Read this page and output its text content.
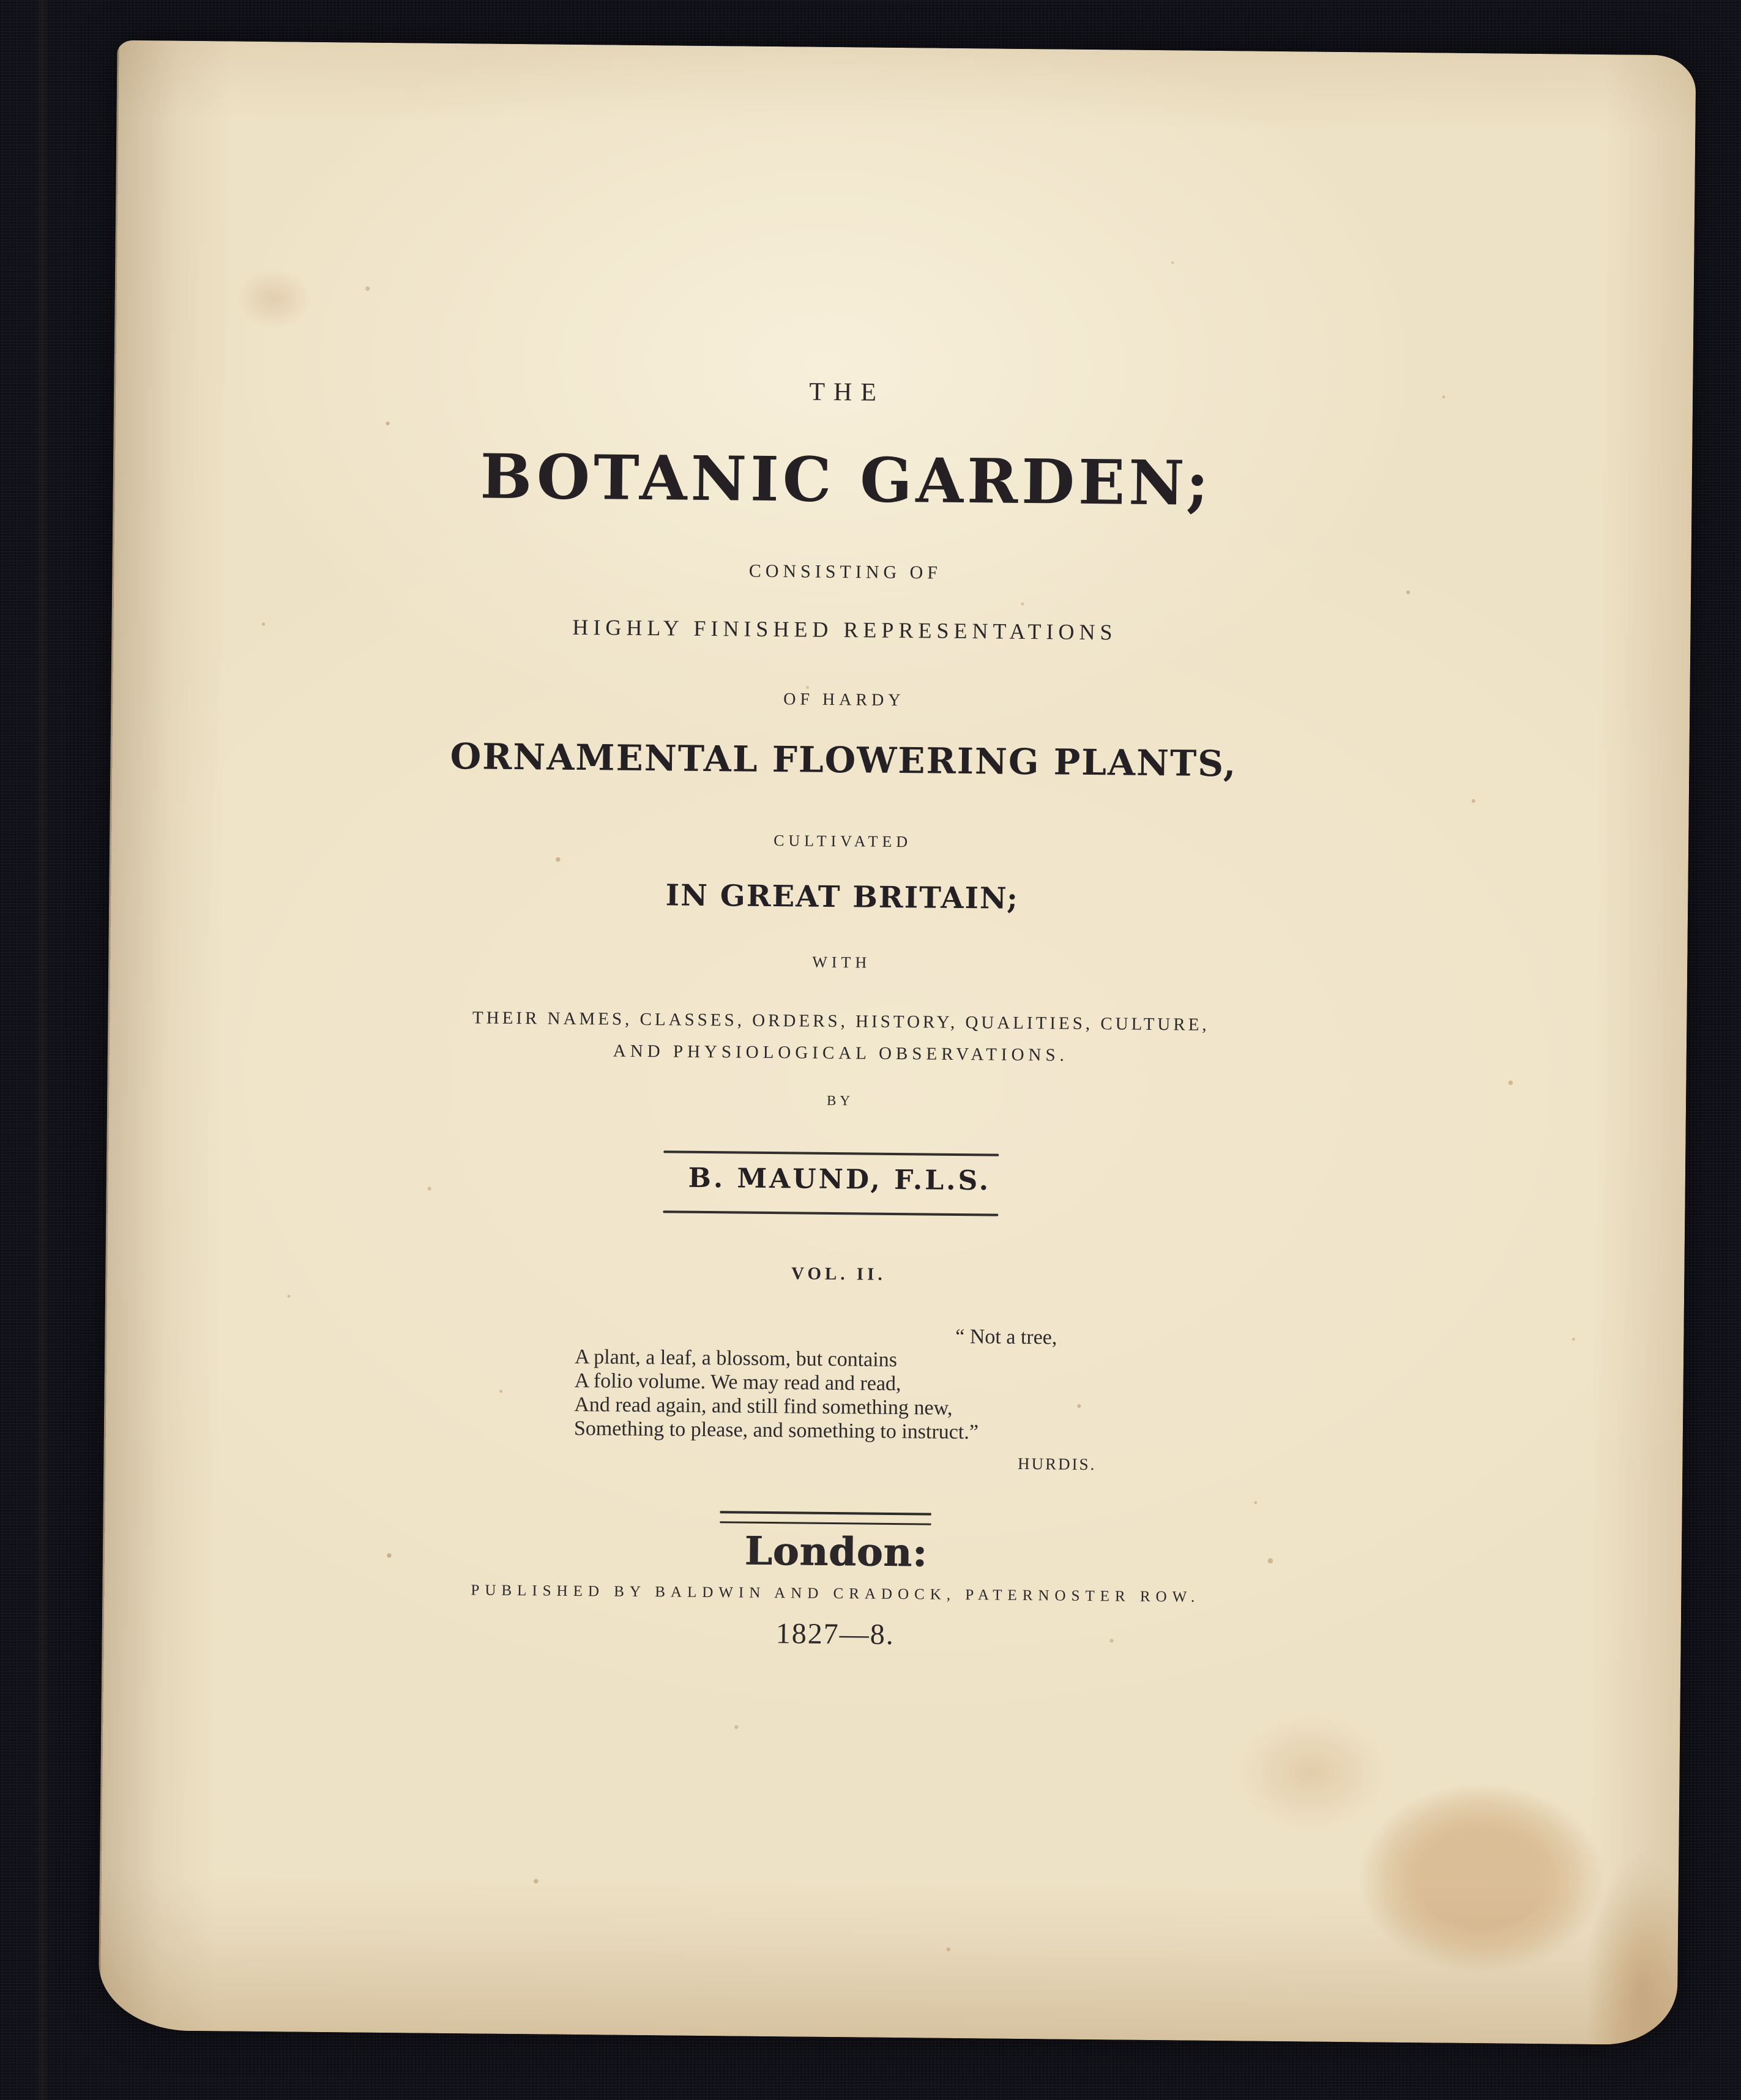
THE
BOTANIC GARDEN;
CONSISTING OF
HIGHLY FINISHED REPRESENTATIONS
OF HARDY
ORNAMENTAL FLOWERING PLANTS,
CULTIVATED
IN GREAT BRITAIN;
WITH
THEIR NAMES, CLASSES, ORDERS, HISTORY, QUALITIES, CULTURE,
AND PHYSIOLOGICAL OBSERVATIONS.
BY
B. MAUND, F.L.S.
VOL. II.
“ Not a tree,
A plant, a leaf, a blossom, but contains
A folio volume. We may read and read,
And read again, and still find something new,
Something to please, and something to instruct.”
HURDIS.
London:
PUBLISHED BY BALDWIN AND CRADOCK, PATERNOSTER ROW.
1827—8.
